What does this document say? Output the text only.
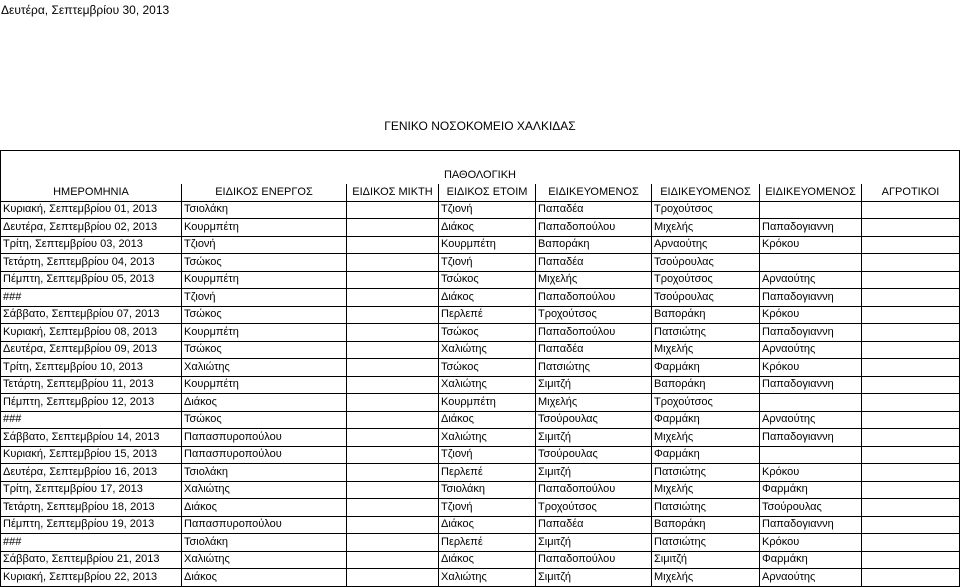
Δευτέρα, Σεπτεμβρίου 30, 2013
ΓΕΝΙΚΟ ΝΟΣΟΚΟΜΕΙΟ ΧΑΛΚΙΔΑΣ

ΠΑΘΟΛΟΓΙΚΗ							
ΗΜΕΡΟΜΗΝΙΑ	ΕΙΔΙΚΟΣ ΕΝΕΡΓΟΣ	ΕΙΔΙΚΟΣ ΜΙΚΤΗ	ΕΙΔΙΚΟΣ ΕΤΟΙΜ	ΕΙΔΙΚΕΥΟΜΕΝΟΣ	ΕΙΔΙΚΕΥΟΜΕΝΟΣ	ΕΙΔΙΚΕΥΟΜΕΝΟΣ	ΑΓΡΟΤΙΚΟΙ
Κυριακή, Σεπτεμβρίου 01, 2013	Τσιολάκη		Τζιονή	Παπαδέα	Τροχούτσος		
Δευτέρα, Σεπτεμβρίου 02, 2013	Κουρμπέτη		Διάκος	Παπαδοπούλου	Μιχελής	Παπαδογιαννη	
Τρίτη, Σεπτεμβρίου 03, 2013	Τζιονή		Κουρμπέτη	Βαποράκη	Αρναούτης	Κρόκου	
Τετάρτη, Σεπτεμβρίου 04, 2013	Τσώκος		Τζιονή	Παπαδέα	Τσούρουλας		
Πέμπτη, Σεπτεμβρίου 05, 2013	Κουρμπέτη		Τσώκος	Μιχελής	Τροχούτσος	Αρναούτης	
###	Τζιονή		Διάκος	Παπαδοπούλου	Τσούρουλας	Παπαδογιαννη	
Σάββατο, Σεπτεμβρίου 07, 2013	Τσώκος		Περλεπέ	Τροχούτσος	Βαποράκη	Κρόκου	
Κυριακή, Σεπτεμβρίου 08, 2013	Κουρμπέτη		Τσώκος	Παπαδοπούλου	Πατσιώτης	Παπαδογιαννη	
Δευτέρα, Σεπτεμβρίου 09, 2013	Τσώκος		Χαλιώτης	Παπαδέα	Μιχελής	Αρναούτης	
Τρίτη, Σεπτεμβρίου 10, 2013	Χαλιώτης		Τσώκος	Πατσιώτης	Φαρμάκη	Κρόκου	
Τετάρτη, Σεπτεμβρίου 11, 2013	Κουρμπέτη		Χαλιώτης	Σιμιτζή	Βαποράκη	Παπαδογιαννη	
Πέμπτη, Σεπτεμβρίου 12, 2013	Διάκος		Κουρμπέτη	Μιχελής	Τροχούτσος		
###	Τσώκος		Διάκος	Τσούρουλας	Φαρμάκη	Αρναούτης	
Σάββατο, Σεπτεμβρίου 14, 2013	Παπασπυροπούλου		Χαλιώτης	Σιμιτζή	Μιχελής	Παπαδογιαννη	
Κυριακή, Σεπτεμβρίου 15, 2013	Παπασπυροπούλου		Τζιονή	Τσούρουλας	Φαρμάκη		
Δευτέρα, Σεπτεμβρίου 16, 2013	Τσιολάκη		Περλεπέ	Σιμιτζή	Πατσιώτης	Κρόκου	
Τρίτη, Σεπτεμβρίου 17, 2013	Χαλιώτης		Τσιολάκη	Παπαδοπούλου	Μιχελής	Φαρμάκη	
Τετάρτη, Σεπτεμβρίου 18, 2013	Διάκος		Τζιονή	Τροχούτσος	Πατσιώτης	Τσούρουλας	
Πέμπτη, Σεπτεμβρίου 19, 2013	Παπασπυροπούλου		Διάκος	Παπαδέα	Βαποράκη	Παπαδογιαννη	
###	Τσιολάκη		Περλεπέ	Σιμιτζή	Πατσιώτης	Κρόκου	
Σάββατο, Σεπτεμβρίου 21, 2013	Χαλιώτης		Διάκος	Παπαδοπούλου	Σιμιτζή	Φαρμάκη	
Κυριακή, Σεπτεμβρίου 22, 2013	Διάκος		Χαλιώτης	Σιμιτζή	Μιχελής	Αρναούτης	
